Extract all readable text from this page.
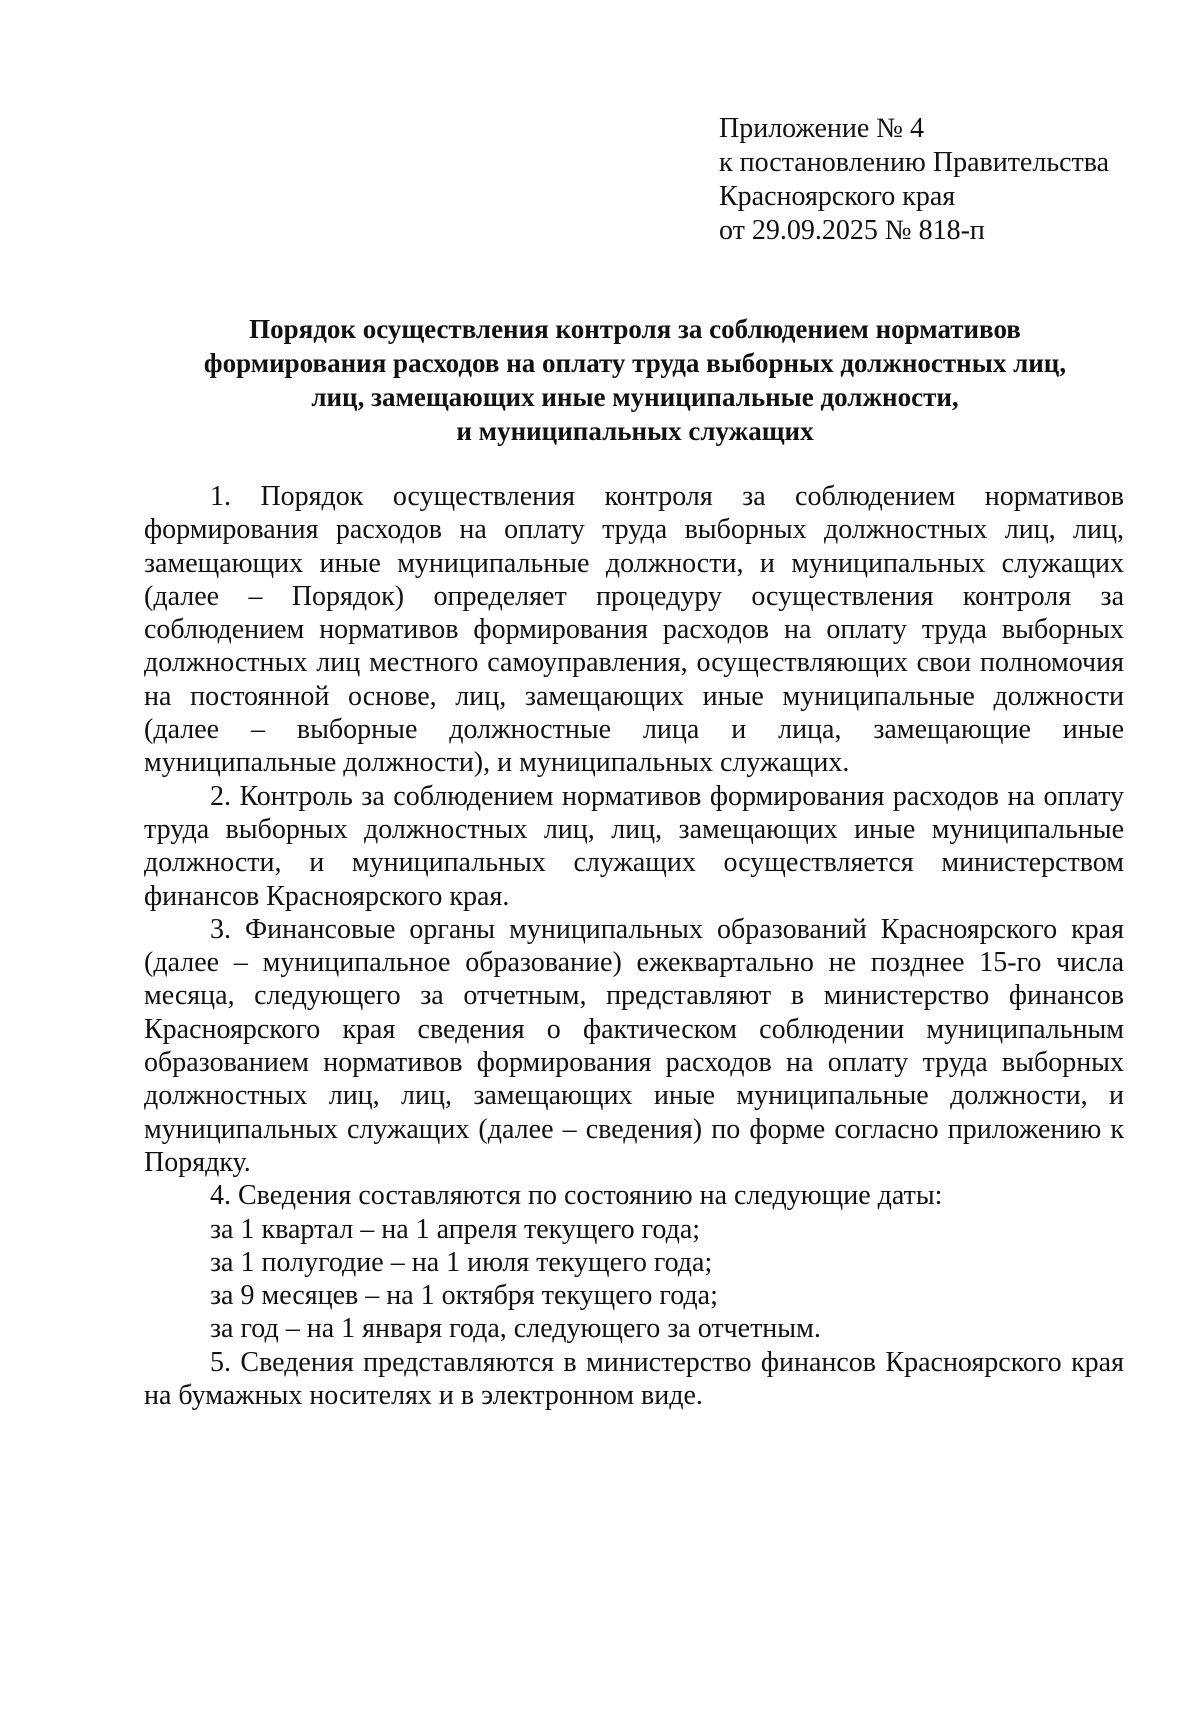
Приложение № 4
к постановлению Правительства
Красноярского края
от 29.09.2025 № 818-п
Порядок осуществления контроля за соблюдением нормативов
формирования расходов на оплату труда выборных должностных лиц,
лиц, замещающих иные муниципальные должности,
и муниципальных служащих

1. Порядок осуществления контроля за соблюдением нормативов формирования расходов на оплату труда выборных должностных лиц, лиц, замещающих иные муниципальные должности, и муниципальных служащих (далее – Порядок) определяет процедуру осуществления контроля за соблюдением нормативов формирования расходов на оплату труда выборных должностных лиц местного самоуправления, осуществляющих свои полномочия на постоянной основе, лиц, замещающих иные муниципальные должности (далее – выборные должностные лица и лица, замещающие иные муниципальные должности), и муниципальных служащих.

2. Контроль за соблюдением нормативов формирования расходов на оплату труда выборных должностных лиц, лиц, замещающих иные муниципальные должности, и муниципальных служащих осуществляется министерством финансов Красноярского края.

3. Финансовые органы муниципальных образований Красноярского края (далее – муниципальное образование) ежеквартально не позднее 15-го числа месяца, следующего за отчетным, представляют в министерство финансов Красноярского края сведения о фактическом соблюдении муниципальным образованием нормативов формирования расходов на оплату труда выборных должностных лиц, лиц, замещающих иные муниципальные должности, и муниципальных служащих (далее – сведения) по форме согласно приложению к Порядку.

4. Сведения составляются по состоянию на следующие даты:

за 1 квартал – на 1 апреля текущего года;

за 1 полугодие – на 1 июля текущего года;

за 9 месяцев – на 1 октября текущего года;

за год – на 1 января года, следующего за отчетным.

5. Сведения представляются в министерство финансов Красноярского края на бумажных носителях и в электронном виде.
